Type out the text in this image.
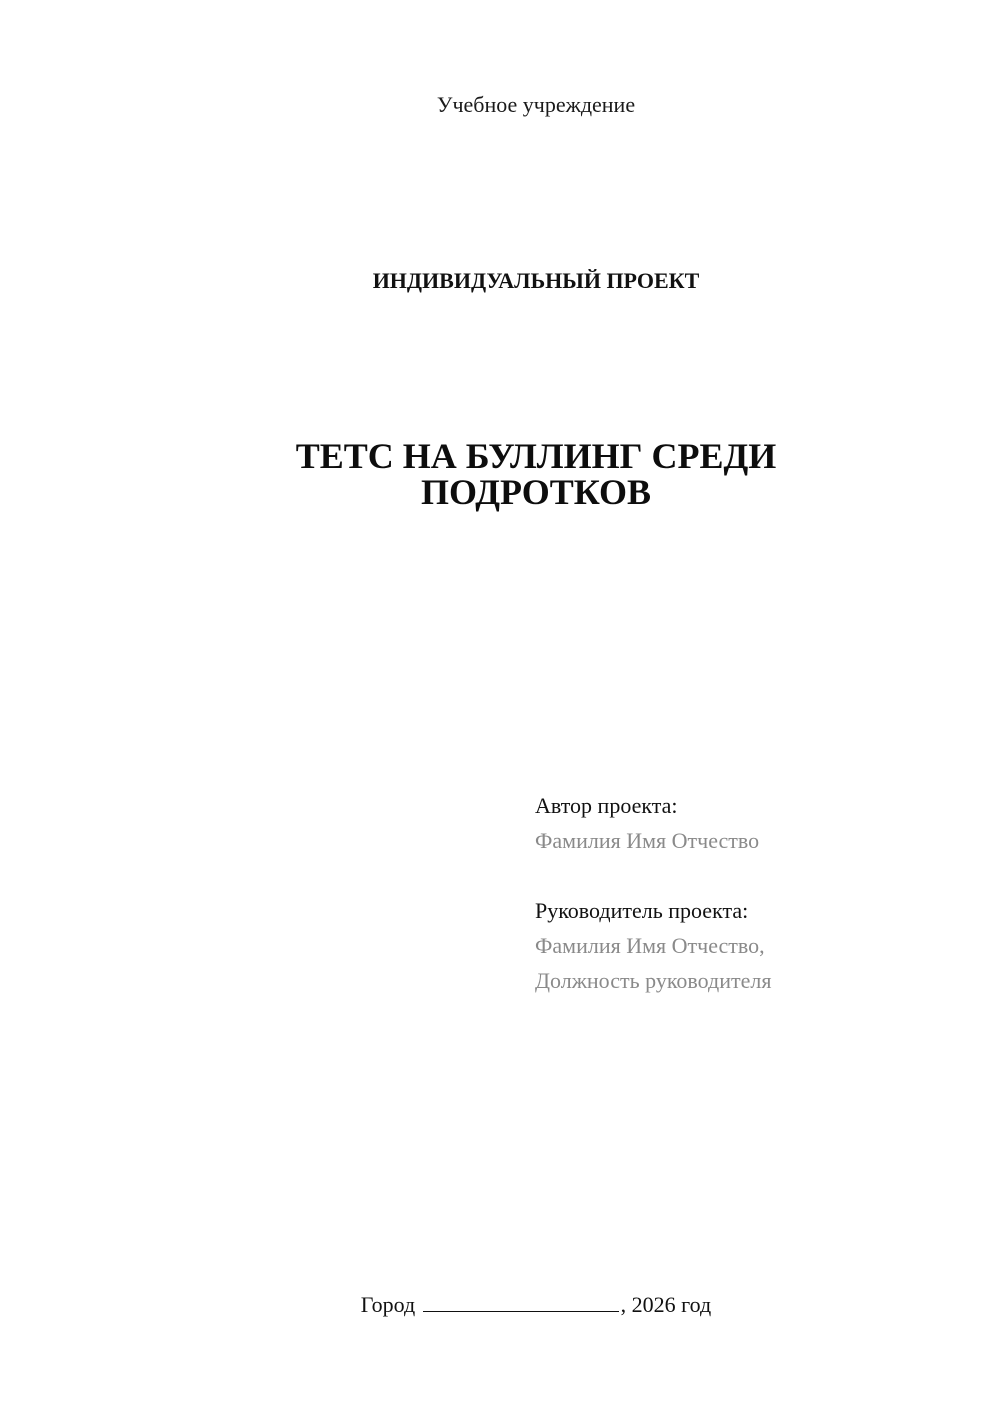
Учебное учреждение
ИНДИВИДУАЛЬНЫЙ ПРОЕКТ
ТЕТС НА БУЛЛИНГ СРЕДИ
ПОДРОТКОВ
Автор проекта:
Фамилия Имя Отчество
Руководитель проекта:
Фамилия Имя Отчество,
Должность руководителя
Город	, 2026 год
